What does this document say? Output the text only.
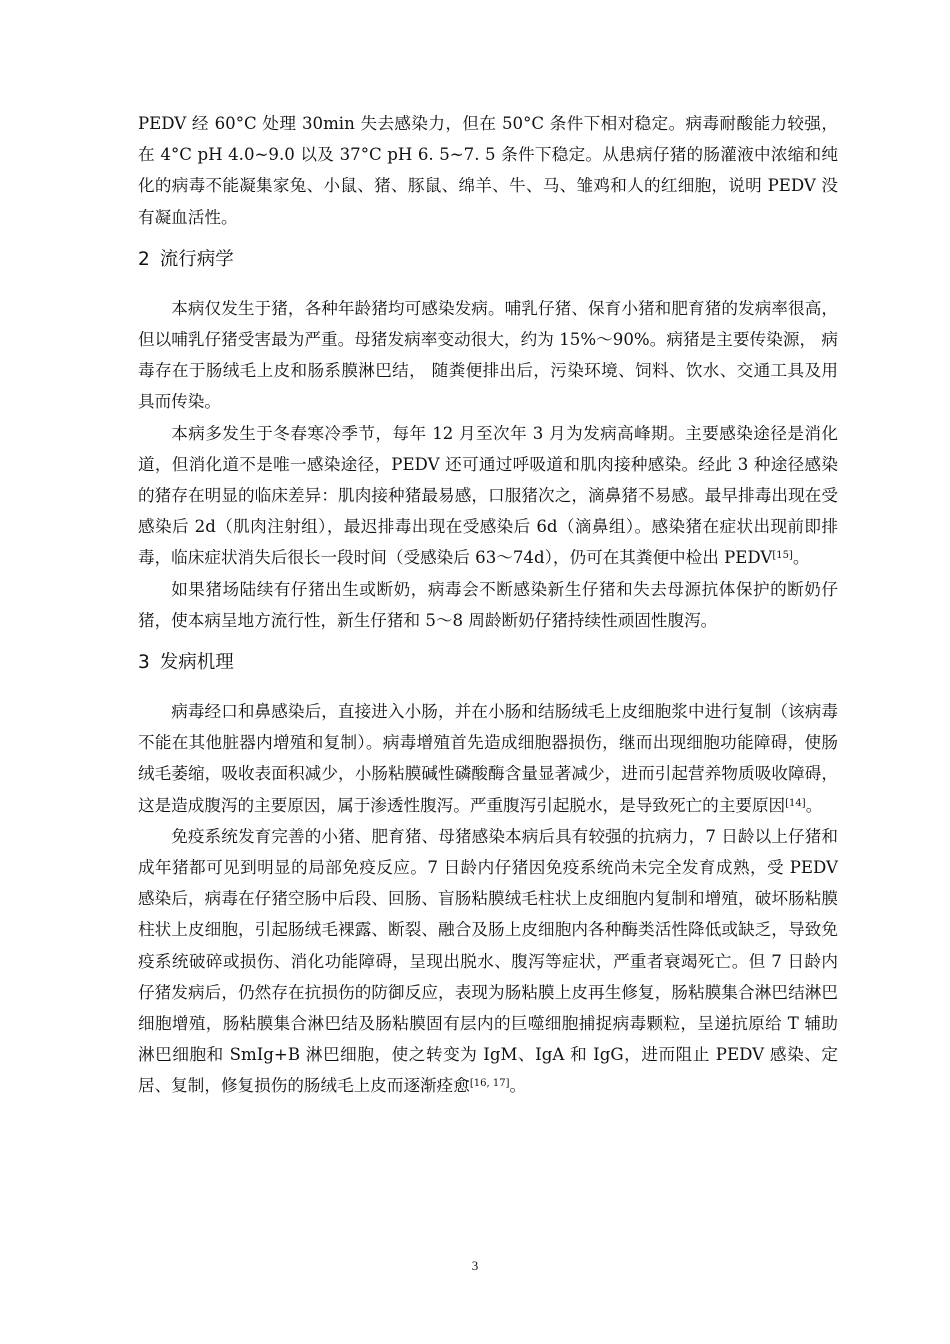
PEDV 经 60°C 处理 30min 失去感染力，但在 50°C 条件下相对稳定。病毒耐酸能力较强，在 4°C pH 4.0~9.0 以及 37°C pH 6. 5~7. 5 条件下稳定。从患病仔猪的肠灌液中浓缩和纯化的病毒不能凝集家兔、小鼠、猪、豚鼠、绵羊、牛、马、雏鸡和人的红细胞，说明 PEDV 没有凝血活性。

2 流行病学

本病仅发生于猪，各种年龄猪均可感染发病。哺乳仔猪、保育小猪和肥育猪的发病率很高，但以哺乳仔猪受害最为严重。母猪发病率变动很大，约为 15%～90%。病猪是主要传染源， 病毒存在于肠绒毛上皮和肠系膜淋巴结， 随粪便排出后，污染环境、饲料、饮水、交通工具及用具而传染。

本病多发生于冬春寒冷季节，每年 12 月至次年 3 月为发病高峰期。主要感染途径是消化道，但消化道不是唯一感染途径，PEDV 还可通过呼吸道和肌肉接种感染。经此 3 种途径感染的猪存在明显的临床差异：肌肉接种猪最易感，口服猪次之，滴鼻猪不易感。最早排毒出现在受感染后 2d（肌肉注射组），最迟排毒出现在受感染后 6d（滴鼻组）。感染猪在症状出现前即排毒，临床症状消失后很长一段时间（受感染后 63～74d），仍可在其粪便中检出 PEDV[15]。

如果猪场陆续有仔猪出生或断奶，病毒会不断感染新生仔猪和失去母源抗体保护的断奶仔猪，使本病呈地方流行性，新生仔猪和 5～8 周龄断奶仔猪持续性顽固性腹泻。

3 发病机理

病毒经口和鼻感染后，直接进入小肠，并在小肠和结肠绒毛上皮细胞浆中进行复制（该病毒不能在其他脏器内增殖和复制）。病毒增殖首先造成细胞器损伤，继而出现细胞功能障碍，使肠绒毛萎缩，吸收表面积减少，小肠粘膜碱性磷酸酶含量显著减少，进而引起营养物质吸收障碍，这是造成腹泻的主要原因，属于渗透性腹泻。严重腹泻引起脱水，是导致死亡的主要原因[14]。

免疫系统发育完善的小猪、肥育猪、母猪感染本病后具有较强的抗病力，7 日龄以上仔猪和成年猪都可见到明显的局部免疫反应。7 日龄内仔猪因免疫系统尚未完全发育成熟，受 PEDV 感染后，病毒在仔猪空肠中后段、回肠、盲肠粘膜绒毛柱状上皮细胞内复制和增殖，破坏肠粘膜柱状上皮细胞，引起肠绒毛裸露、断裂、融合及肠上皮细胞内各种酶类活性降低或缺乏，导致免疫系统破碎或损伤、消化功能障碍，呈现出脱水、腹泻等症状，严重者衰竭死亡。但 7 日龄内仔猪发病后，仍然存在抗损伤的防御反应，表现为肠粘膜上皮再生修复，肠粘膜集合淋巴结淋巴细胞增殖，肠粘膜集合淋巴结及肠粘膜固有层内的巨噬细胞捕捉病毒颗粒，呈递抗原给 T 辅助淋巴细胞和 SmIg+B 淋巴细胞，使之转变为 IgM、IgA 和 IgG，进而阻止 PEDV 感染、定居、复制，修复损伤的肠绒毛上皮而逐渐痊愈[16, 17]。

3
